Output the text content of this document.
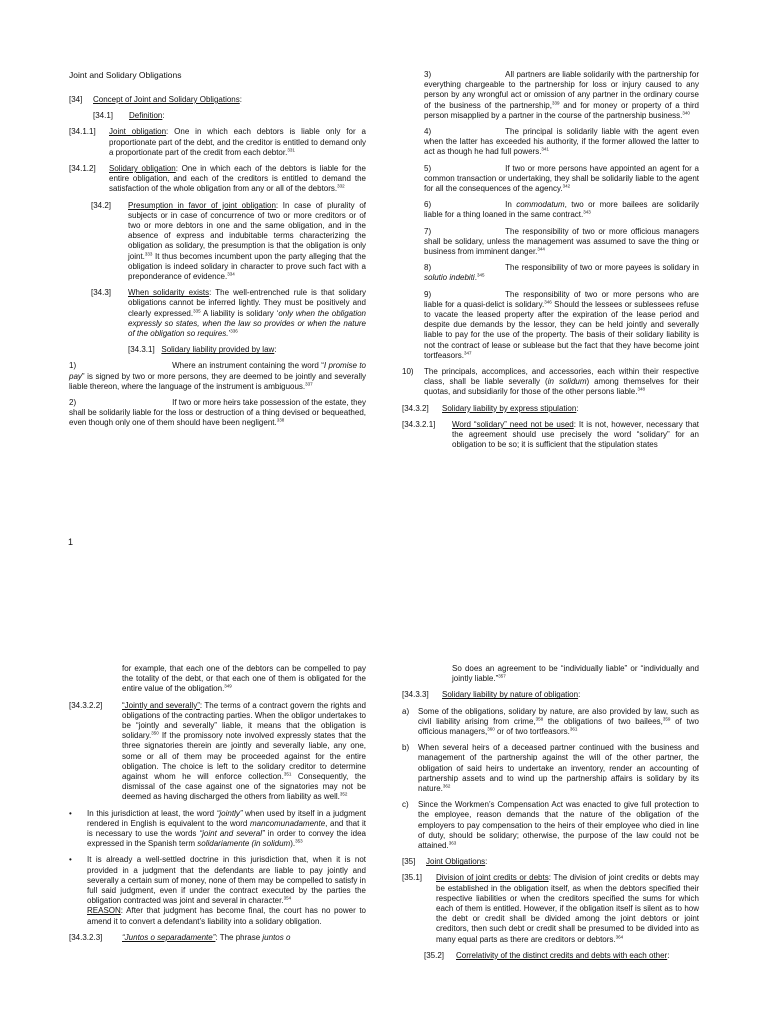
Joint and Solidary Obligations
[34] Concept of Joint and Solidary Obligations:
[34.1] Definition:
[34.1.1] Joint obligation: One in which each debtors is liable only for a proportionate part of the debt, and the creditor is entitled to demand only a proportionate part of the credit from each debtor.$^{331}$
[34.1.2] Solidary obligation: One in which each of the debtors is liable for the entire obligation, and each of the creditors is entitled to demand the satisfaction of the whole obligation from any or all of the debtors.$^{332}$
[34.2] Presumption in favor of joint obligation: In case of plurality of subjects or in case of concurrence of two or more creditors or of two or more debtors in one and the same obligation, and in the absence of express and indubitable terms characterizing the obligation as solidary, the presumption is that the obligation is only joint.$^{333}$ It thus becomes incumbent upon the party alleging that the obligation is indeed solidary in character to prove such fact with a preponderance of evidence.$^{334}$
[34.3] When solidarity exists: The well-entrenched rule is that solidary obligations cannot be inferred lightly. They must be positively and clearly expressed.$^{335}$ A liability is solidary ‘only when the obligation expressly so states, when the law so provides or when the nature of the obligation so requires.’$^{336}$
[34.3.1] Solidary liability provided by law:
1)	Where an instrument containing the word “I promise to pay” is signed by two or more persons, they are deemed to be jointly and severally liable thereon, where the language of the instrument is ambiguous.$^{337}$
2)	If two or more heirs take possession of the estate, they shall be solidarily liable for the loss or destruction of a thing devised or bequeathed, even though only one of them should have been negligent.$^{338}$
1
3)	All partners are liable solidarily with the partnership for everything chargeable to the partnership for loss or injury caused to any person by any wrongful act or omission of any partner in the ordinary course of the business of the partnership,$^{339}$ and for money or property of a third person misapplied by a partner in the course of the partnership business.$^{340}$
4)	The principal is solidarily liable with the agent even when the latter has exceeded his authority, if the former allowed the latter to act as though he had full powers.$^{341}$
5)	If two or more persons have appointed an agent for a common transaction or undertaking, they shall be solidarily liable to the agent for all the consequences of the agency.$^{342}$
6)	In commodatum, two or more bailees are solidarily liable for a thing loaned in the same contract.$^{343}$
7)	The responsibility of two or more officious managers shall be solidary, unless the management was assumed to save the thing or business from imminent danger.$^{344}$
8)	The responsibility of two or more payees is solidary in solutio indebiti.$^{345}$
9)	The responsibility of two or more persons who are liable for a quasi-delict is solidary.$^{346}$ Should the lessees or sublessees refuse to vacate the leased property after the expiration of the lease period and despite due demands by the lessor, they can be held jointly and severally liable to pay for the use of the property. The basis of their solidary liability is not the contract of lease or sublease but the fact that they have become joint tortfeasors.$^{347}$
10) The principals, accomplices, and accessories, each within their respective class, shall be liable severally (in solidum) among themselves for their quotas, and subsidiarily for those of the other persons liable.$^{348}$
[34.3.2] Solidary liability by express stipulation:
[34.3.2.1] Word “solidary” need not be used: It is not, however, necessary that the agreement should use precisely the word “solidary” for an obligation to be so; it is sufficient that the stipulation states
for example, that each one of the debtors can be compelled to pay the totality of the debt, or that each one of them is obligated for the entire value of the obligation.$^{349}$
[34.3.2.2] “Jointly and severally”: The terms of a contract govern the rights and obligations of the contracting parties. When the obligor undertakes to be “jointly and severally” liable, it means that the obligation is solidary.$^{350}$ If the promissory note involved expressly states that the three signatories therein are jointly and severally liable, any one, some or all of them may be proceeded against for the entire obligation. The choice is left to the solidary creditor to determine against whom he will enforce collection.$^{351}$ Consequently, the dismissal of the case against one of the signatories may not be deemed as having discharged the others from liability as well.$^{352}$
• In this jurisdiction at least, the word “jointly” when used by itself in a judgment rendered in English is equivalent to the word mancomunadamente, and that it is necessary to use the words “joint and several” in order to convey the idea expressed in the Spanish term solidariamente (in solidum).$^{353}$
• It is already a well-settled doctrine in this jurisdiction that, when it is not provided in a judgment that the defendants are liable to pay jointly and severally a certain sum of money, none of them may be compelled to satisfy in full said judgment, even if under the contract executed by the parties the obligation contracted was joint and several in character.$^{354}$
REASON: After that judgment has become final, the court has no power to amend it to convert a defendant’s liability into a solidary obligation.
[34.3.2.3] “Juntos o separadamente”: The phrase juntos o
So does an agreement to be “individually liable” or “individually and jointly liable.”$^{357}$
[34.3.3] Solidary liability by nature of obligation:
a) Some of the obligations, solidary by nature, are also provided by law, such as civil liability arising from crime,$^{358}$ the obligations of two bailees,$^{359}$ of two officious managers,$^{360}$ or of two tortfeasors.$^{361}$
b) When several heirs of a deceased partner continued with the business and management of the partnership against the will of the other partner, the obligation of said heirs to undertake an inventory, render an accounting of partnership assets and to wind up the partnership affairs is solidary by its nature.$^{362}$
c) Since the Workmen’s Compensation Act was enacted to give full protection to the employee, reason demands that the nature of the obligation of the employers to pay compensation to the heirs of their employee who died in line of duty, should be solidary; otherwise, the purpose of the law could not be attained.$^{363}$
[35] Joint Obligations:
[35.1] Division of joint credits or debts: The division of joint credits or debts may be established in the obligation itself, as when the debtors specified their respective liabilities or when the creditors specified the sums for which each of them is entitled. However, if the obligation itself is silent as to how the debt or credit shall be divided among the joint debtors or joint creditors, then such debt or credit shall be presumed to be divided into as many equal parts as there are creditors or debtors.$^{364}$
[35.2] Correlativity of the distinct credits and debts with each other:
